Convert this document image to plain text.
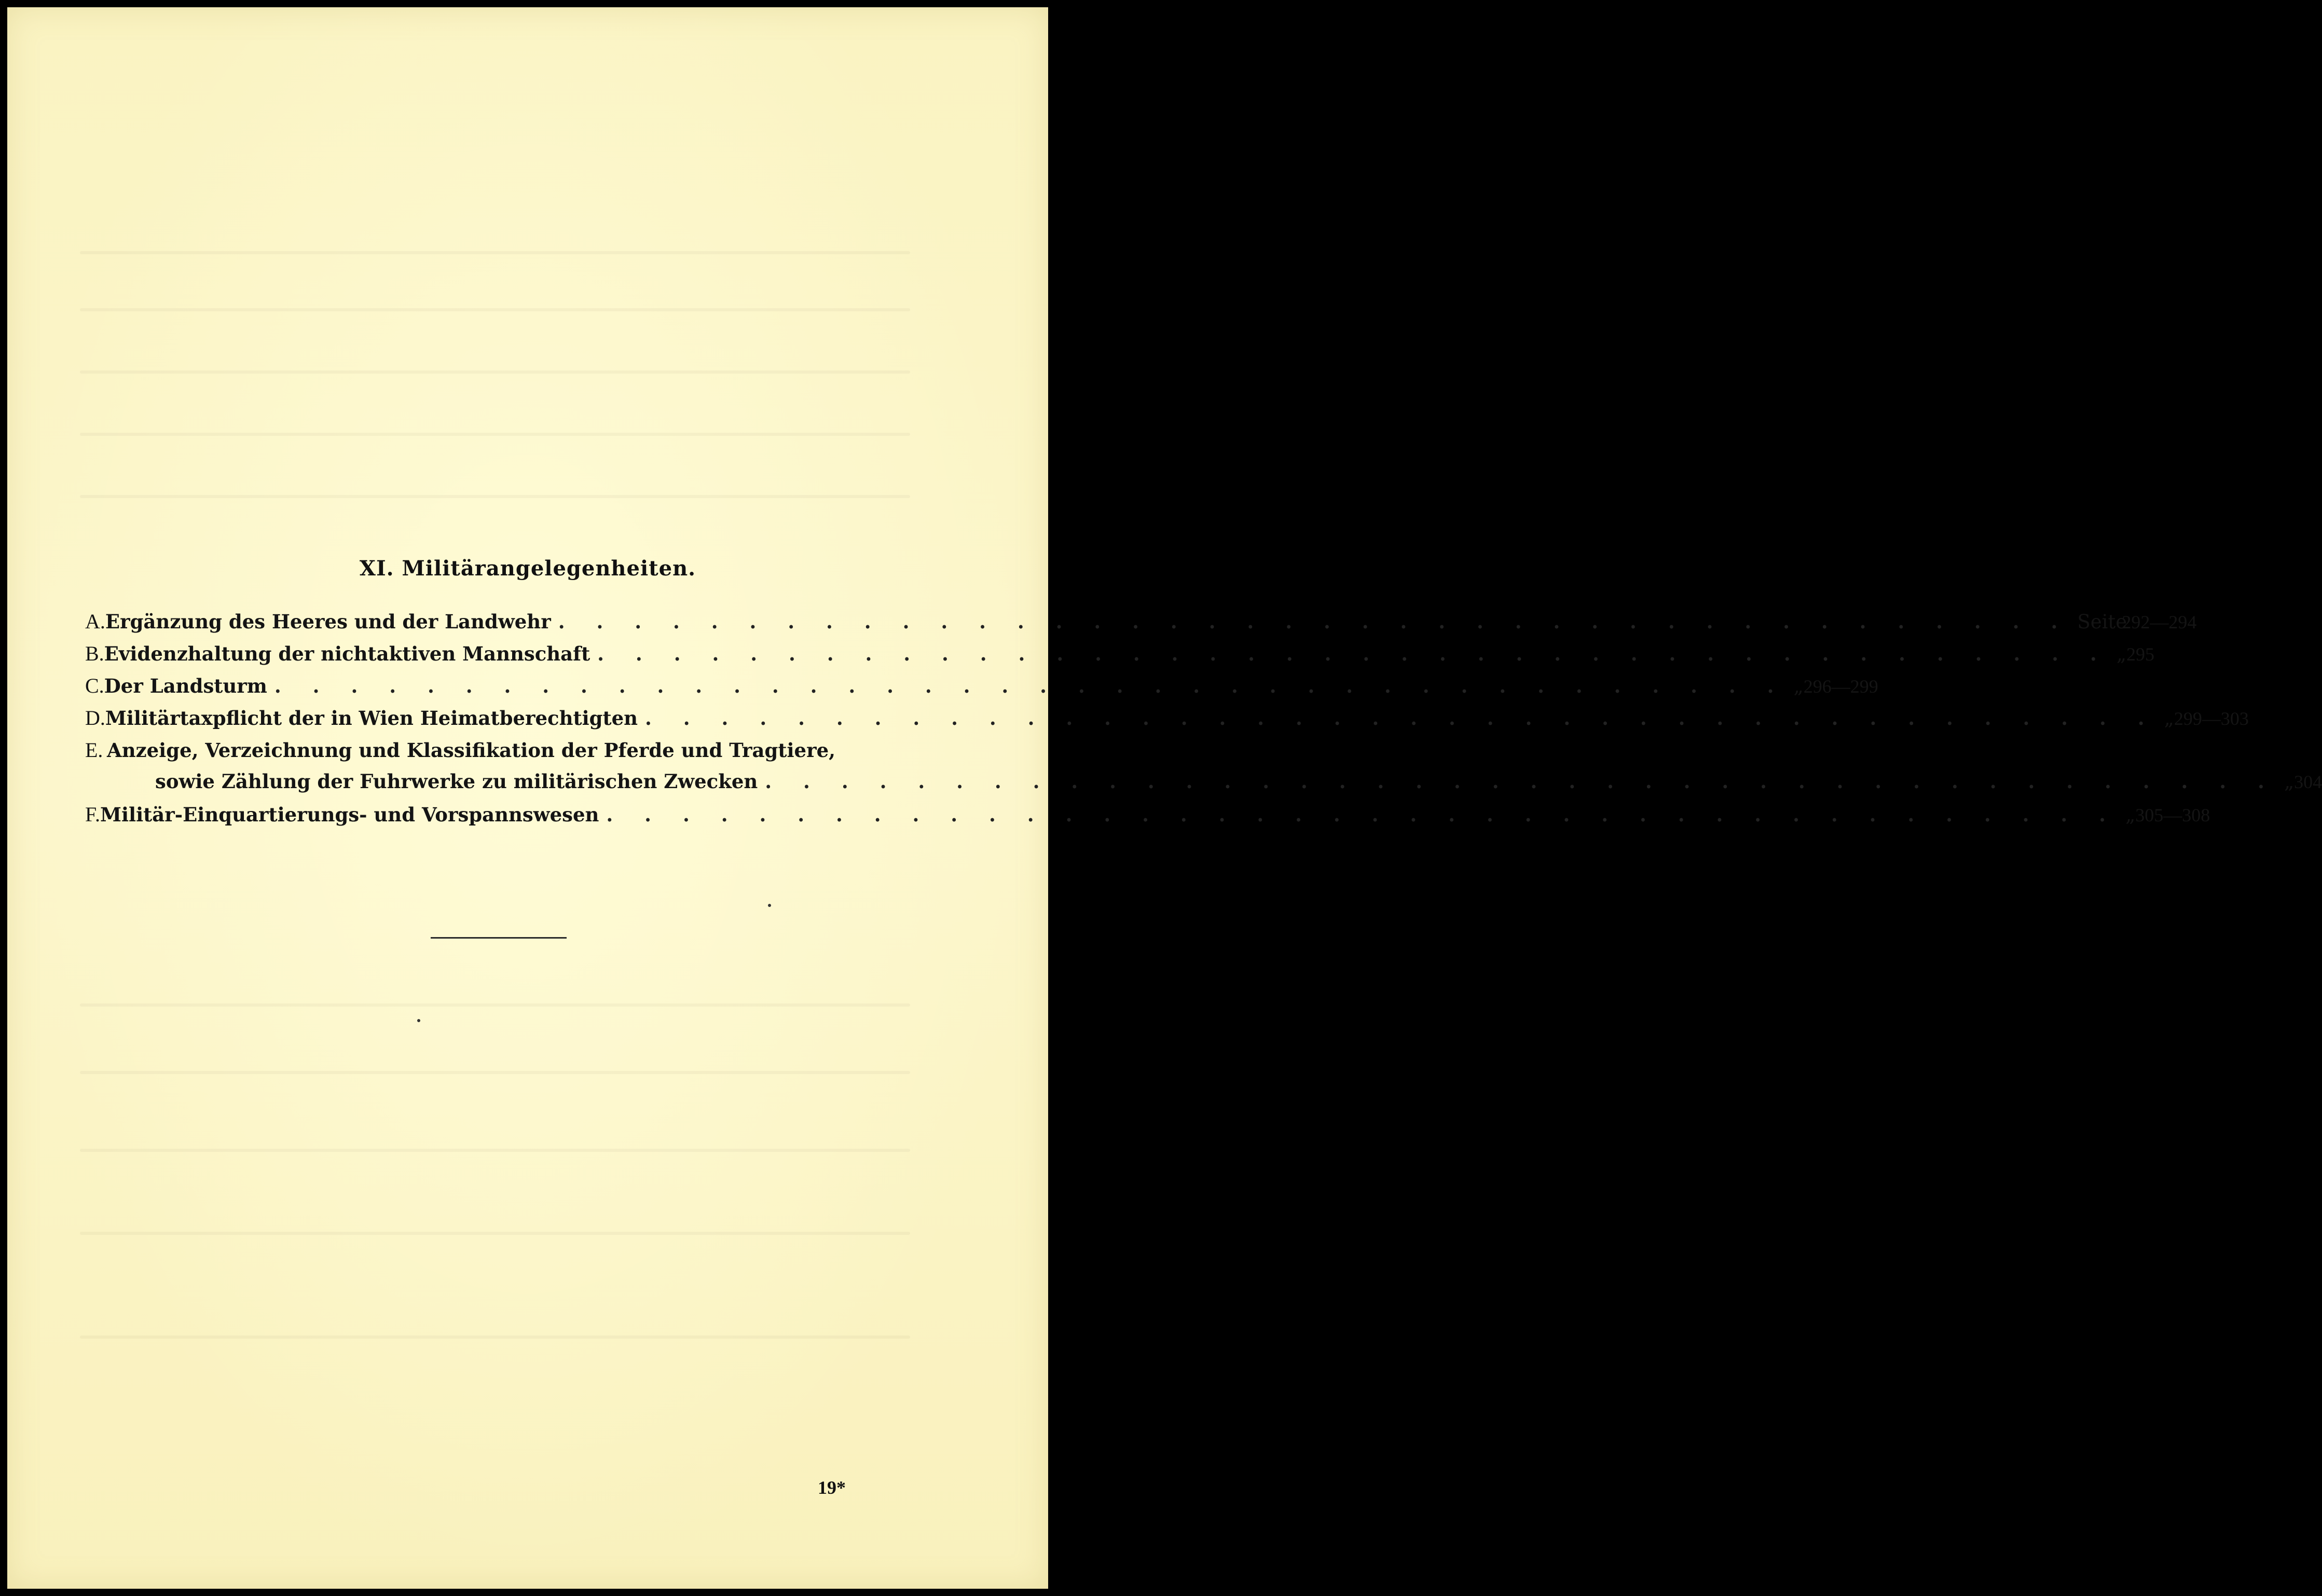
XI. Militärangelegenheiten.
A. Ergänzung des Heeres und der Landwehr . . . . . . . . . . . . . . . . . . . . . . . . . . . . . . . . . . . . . . . . Seite
292—294
B. Evidenzhaltung der nichtaktiven Mannschaft . . . . . . . . . . . . . . . . . . . . . . . . . . . . . . . . . . . . . . . . „ 295
C. Der Landsturm . . . . . . . . . . . . . . . . . . . . . . . . . . . . . . . . . . . . . . . . „ 296—299
D. Militärtaxpflicht der in Wien Heimatberechtigten . . . . . . . . . . . . . . . . . . . . . . . . . . . . . . . . . . . . . . . . „ 299—303
E. Anzeige, Verzeichnung und Klassifikation der Pferde und Tragtiere,
sowie Zählung der Fuhrwerke zu militärischen Zwecken . . . . . . . . . . . . . . . . . . . . . . . . . . . . . . . . . . . . . . . . „ 304
F. Militär-Einquartierungs- und Vorspannswesen . . . . . . . . . . . . . . . . . . . . . . . . . . . . . . . . . . . . . . . . „ 305—308
19*
